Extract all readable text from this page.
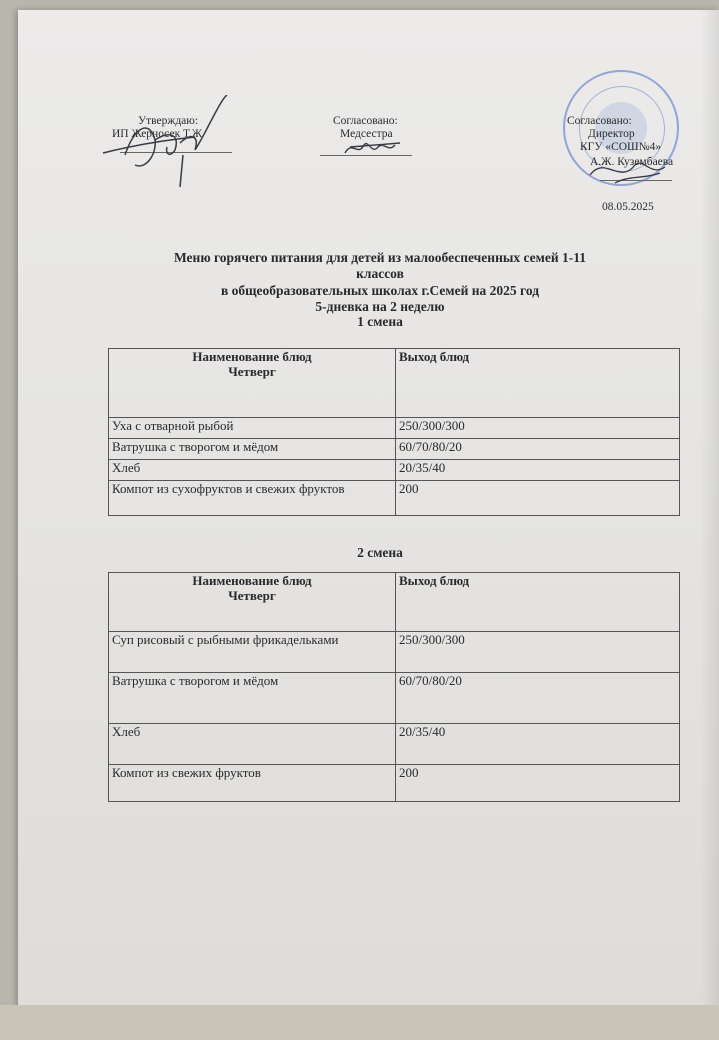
Утверждаю:
ИП Жерносек Т.Ж
Согласовано:
Медсестра
Согласовано:
Директор
КГУ «СОШ№4»
А.Ж. Кузембаева
08.05.2025
Меню горячего питания для детей из малообеспеченных семей 1-11
классов
в общеобразовательных школах г.Семей на 2025 год
5-дневка на 2 неделю
1 смена
Наименование блюд
Четверг	Выход блюд
Уха с отварной рыбой	250/300/300
Ватрушка с творогом и мёдом	60/70/80/20
Хлеб	20/35/40
Компот из сухофруктов и свежих фруктов	200
2 смена
Наименование блюд
Четверг	Выход блюд
Суп рисовый с рыбными фрикадельками	250/300/300
Ватрушка с творогом и мёдом	60/70/80/20
Хлеб	20/35/40
Компот из свежих фруктов	200
